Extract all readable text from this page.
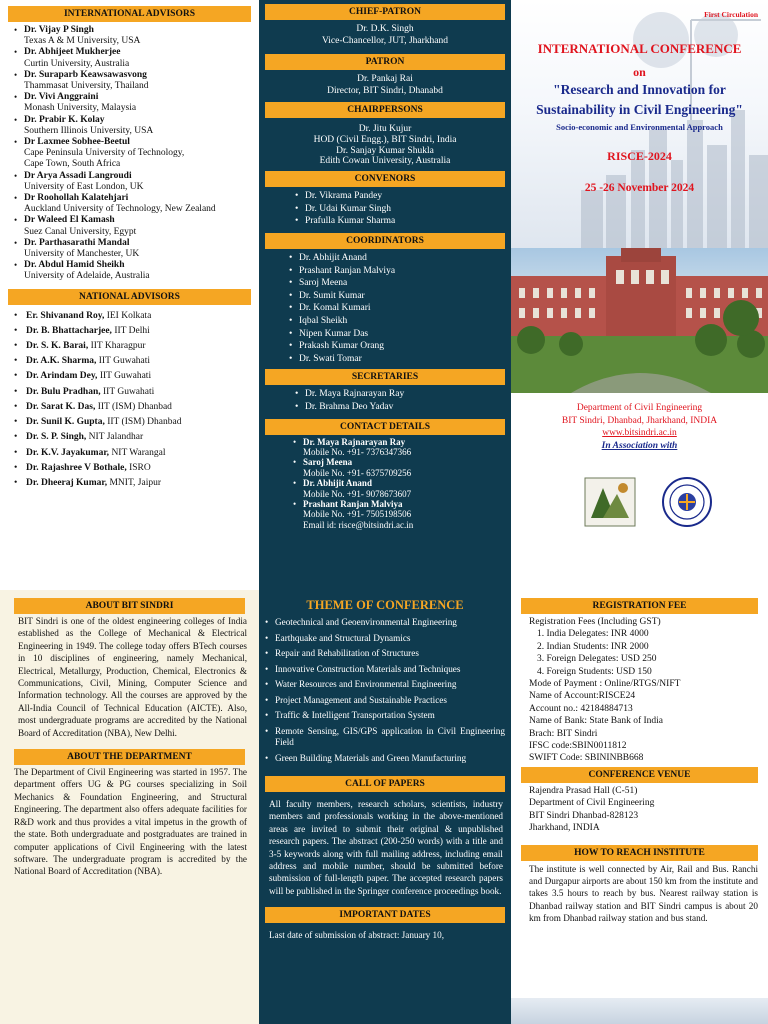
INTERNATIONAL ADVISORS
• Dr. Vijay P Singh
Texas A & M University, USA
• Dr. Abhijeet Mukherjee
Curtin University, Australia
• Dr. Suraparb Keawsawasvong
Thammasat University, Thailand
• Dr. Vivi Anggraini
Monash University, Malaysia
• Dr. Prabir K. Kolay
Southern Illinois University, USA
• Dr Laxmee Sobhee-Beetul
Cape Peninsula University of Technology,
Cape Town, South Africa
• Dr Arya Assadi Langroudi
University of East London, UK
• Dr Roohollah Kalatehjari
Auckland University of Technology, New Zealand
• Dr Waleed El Kamash
Suez Canal University, Egypt
• Dr. Parthasarathi Mandal
University of Manchester, UK
• Dr. Abdul Hamid Sheikh
University of Adelaide, Australia
NATIONAL ADVISORS
• Er. Shivanand Roy, IEI Kolkata
• Dr. B. Bhattacharjee, IIT Delhi
• Dr. S. K. Barai, IIT Kharagpur
• Dr. A.K. Sharma, IIT Guwahati
• Dr. Arindam Dey, IIT Guwahati
• Dr. Bulu Pradhan, IIT Guwahati
• Dr. Sarat K. Das, IIT (ISM) Dhanbad
• Dr. Sunil K. Gupta, IIT (ISM) Dhanbad
• Dr. S. P. Singh, NIT Jalandhar
• Dr. K.V. Jayakumar, NIT Warangal
• Dr. Rajashree V Bothale, ISRO
• Dr. Dheeraj Kumar, MNIT, Jaipur
CHIEF-PATRON
Dr. D.K. Singh
Vice-Chancellor, JUT, Jharkhand
PATRON
Dr. Pankaj Rai
Director, BIT Sindri, Dhanabd
CHAIRPERSONS
Dr. Jitu Kujur
HOD (Civil Engg.), BIT Sindri, India
Dr. Sanjay Kumar Shukla
Edith Cowan University, Australia
CONVENORS
• Dr. Vikrama Pandey
• Dr. Udai Kumar Singh
• Prafulla Kumar Sharma
COORDINATORS
• Dr. Abhijit Anand
• Prashant Ranjan Malviya
• Saroj Meena
• Dr. Sumit Kumar
• Dr. Komal Kumari
• Iqbal Sheikh
• Nipen Kumar Das
• Prakash Kumar Orang
• Dr. Swati Tomar
SECRETARIES
• Dr. Maya Rajnarayan Ray
• Dr. Brahma Deo Yadav
CONTACT DETAILS
• Dr. Maya Rajnarayan Ray
Mobile No. +91- 7376347366
• Saroj Meena
Mobile No. +91- 6375709256
• Dr. Abhijit Anand
Mobile No. +91- 9078673607
• Prashant Ranjan Malviya
Mobile No. +91- 7505198506
Email id: risce@bitsindri.ac.in
First Circulation
INTERNATIONAL CONFERENCE
on
"Research and Innovation for
Sustainability in Civil Engineering"
Socio-economic and Environmental Approach
RISCE-2024
25 -26 November 2024
Department of Civil Engineering
BIT Sindri, Dhanbad, Jharkhand, INDIA
www.bitsindri.ac.in
In Association with
ABOUT BIT SINDRI
BIT Sindri is one of the oldest engineering colleges of India established as the College of Mechanical & Electrical Engineering in 1949. The college today offers BTech courses in 10 disciplines of engineering, namely Mechanical, Electrical, Metallurgy, Production, Chemical, Electronics & Communications, Civil, Mining, Computer Science and Information technology. All the courses are approved by the All-India Council of Technical Education (AICTE). Also, most undergraduate programs are accredited by the National Board of Accreditation (NBA), New Delhi.
ABOUT THE DEPARTMENT
The Department of Civil Engineering was started in 1957. The department offers UG & PG courses specializing in Soil Mechanics & Foundation Engineering, and Structural Engineering. The department also offers adequate facilities for R&D work and thus provides a vital impetus in the growth of the state. Both undergraduate and postgraduates are trained in computer applications of Civil Engineering with the latest software. The undergraduate program is accredited by the National Board of Accreditation (NBA).
THEME OF CONFERENCE
• Geotechnical and Geoenvironmental Engineering
• Earthquake and Structural Dynamics
• Repair and Rehabilitation of Structures
• Innovative Construction Materials and Techniques
• Water Resources and Environmental Engineering
• Project Management and Sustainable Practices
• Traffic & Intelligent Transportation System
• Remote Sensing, GIS/GPS application in Civil Engineering Field
• Green Building Materials and Green Manufacturing
CALL OF PAPERS
All faculty members, research scholars, scientists, industry members and professionals working in the above-mentioned areas are invited to submit their original & unpublished research papers. The abstract (200-250 words) with a title and 3-5 keywords along with full mailing address, including email address and mobile number, should be submitted before submission of full-length paper. The accepted research papers will be published in the Springer conference proceedings book.
IMPORTANT DATES
Last date of submission of abstract: January 10,
REGISTRATION FEE
Registration Fees (Including GST)
1. India Delegates: INR 4000
2. Indian Students: INR 2000
3. Foreign Delegates: USD 250
4. Foreign Students: USD 150
Mode of Payment : Online/RTGS/NIFT
Name of Account:RISCE24
Account no.: 42184884713
Name of Bank: State Bank of India
Brach: BIT Sindri
IFSC code:SBIN0011812
SWIFT Code: SBININBB668
CONFERENCE VENUE
Rajendra Prasad Hall (C-51)
Department of Civil Engineering
BIT Sindri Dhanbad-828123
Jharkhand, INDIA
HOW TO REACH INSTITUTE
The institute is well connected by Air, Rail and Bus. Ranchi and Durgapur airports are about 150 km from the institute and takes 3.5 hours to reach by bus. Nearest railway station is Dhanbad railway station and BIT Sindri campus is about 20 km from Dhanbad railway station and bus stand.
